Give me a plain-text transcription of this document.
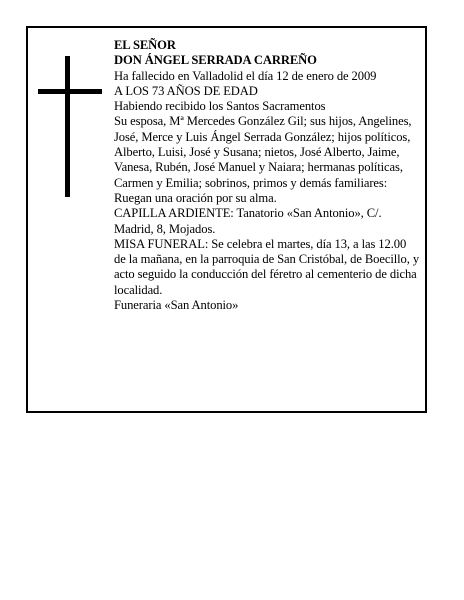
EL SEÑOR

DON ÁNGEL SERRADA CARREÑO

Ha fallecido en Valladolid el día 12 de enero de 2009

A LOS 73 AÑOS DE EDAD

Habiendo recibido los Santos Sacramentos

Su esposa, Mª Mercedes González Gil; sus hijos, Angelines, José, Merce y Luis Ángel Serrada González; hijos políticos, Alberto, Luisi, José y Susana; nietos, José Alberto, Jaime, Vanesa, Rubén, José Manuel y Naiara; hermanas políticas, Carmen y Emilia; sobrinos, primos y demás familiares:

Ruegan una oración por su alma.

CAPILLA ARDIENTE: Tanatorio «San Antonio», C/. Madrid, 8, Mojados.

MISA FUNERAL: Se celebra el martes, día 13, a las 12.00 de la mañana, en la parroquia de San Cristóbal, de Boecillo, y acto seguido la conducción del féretro al cementerio de dicha localidad.

Funeraria «San Antonio»
